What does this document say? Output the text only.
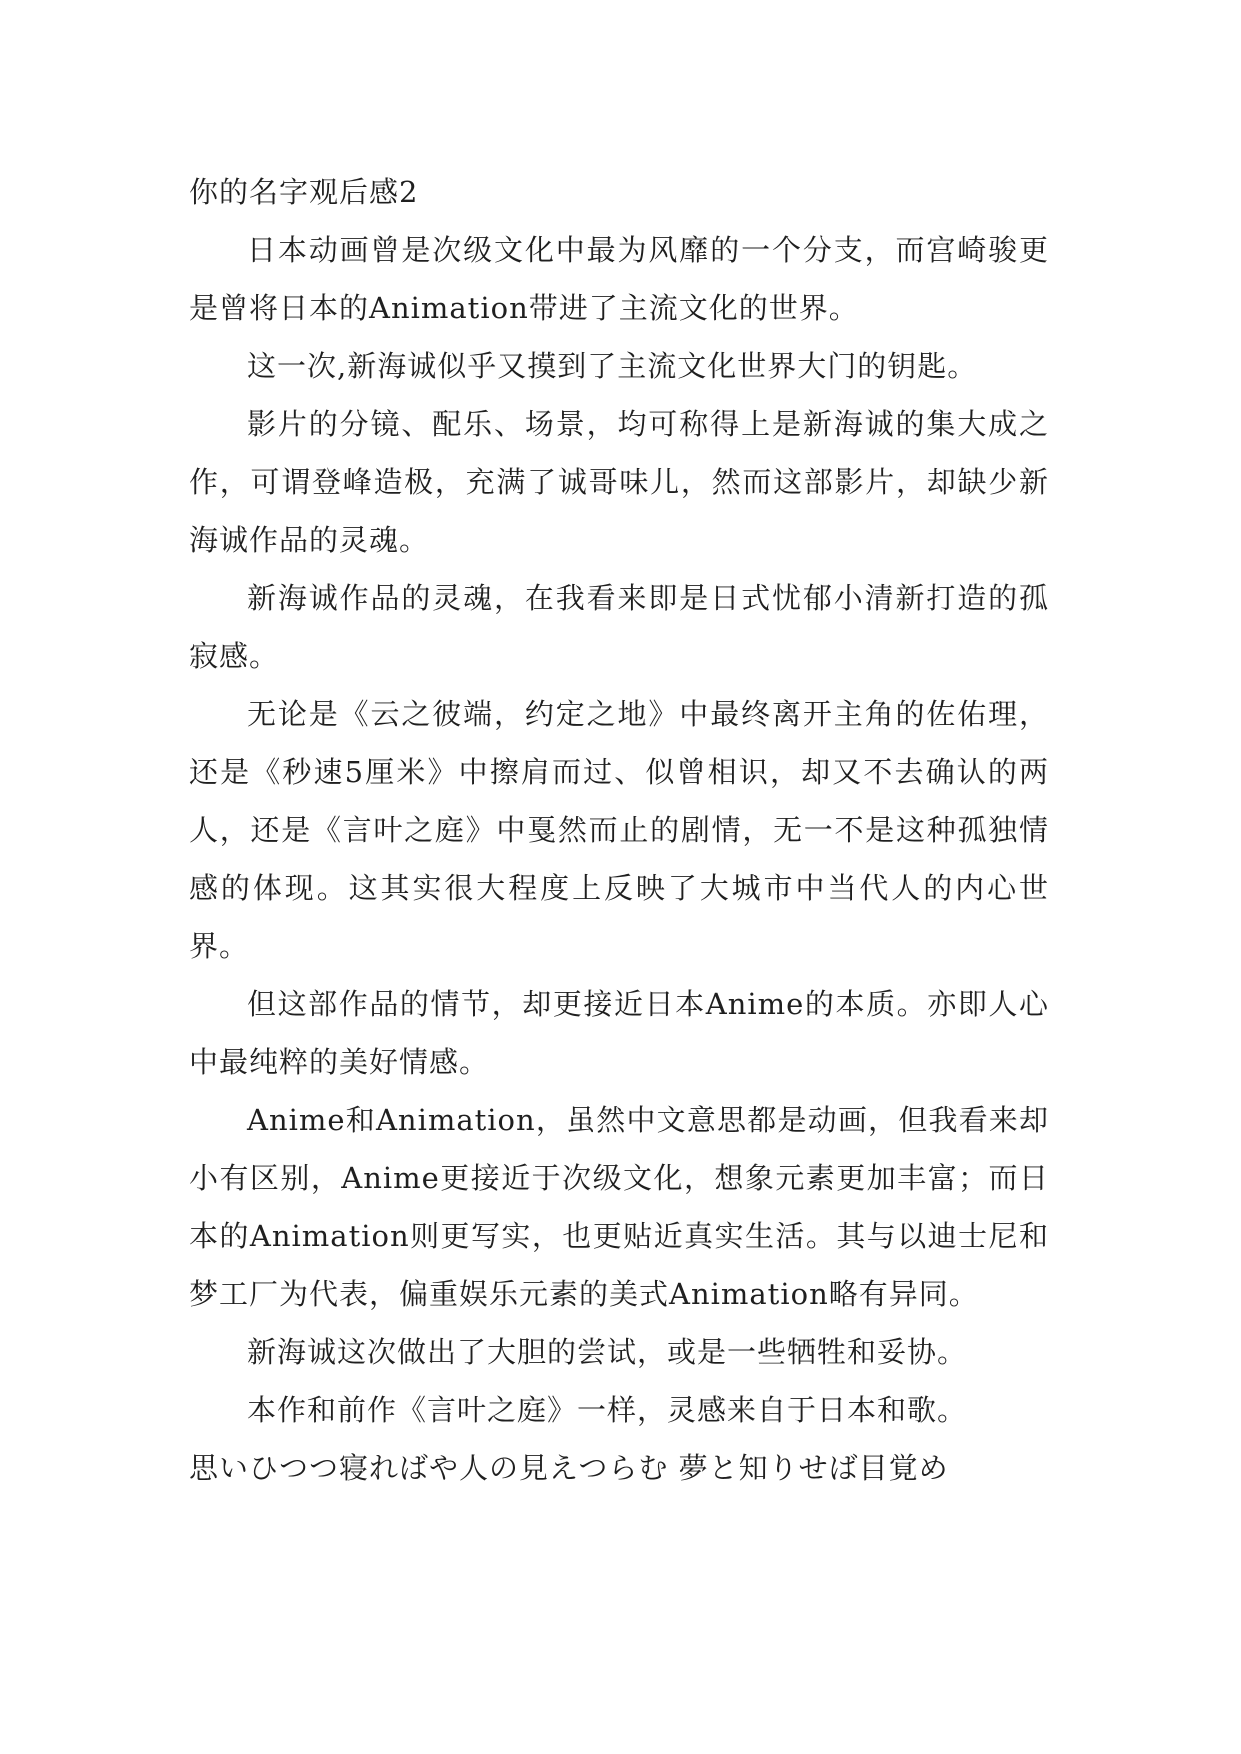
你的名字观后感2

日本动画曾是次级文化中最为风靡的一个分支，而宫崎骏更是曾将日本的Animation带进了主流文化的世界。

这一次,新海诚似乎又摸到了主流文化世界大门的钥匙。

影片的分镜、配乐、场景，均可称得上是新海诚的集大成之作，可谓登峰造极，充满了诚哥味儿，然而这部影片，却缺少新海诚作品的灵魂。

新海诚作品的灵魂，在我看来即是日式忧郁小清新打造的孤寂感。

无论是《云之彼端，约定之地》中最终离开主角的佐佑理，还是《秒速5厘米》中擦肩而过、似曾相识，却又不去确认的两人，还是《言叶之庭》中戛然而止的剧情，无一不是这种孤独情感的体现。这其实很大程度上反映了大城市中当代人的内心世界。

但这部作品的情节，却更接近日本Anime的本质。亦即人心中最纯粹的美好情感。

Anime和Animation，虽然中文意思都是动画，但我看来却小有区别，Anime更接近于次级文化，想象元素更加丰富；而日本的Animation则更写实，也更贴近真实生活。其与以迪士尼和梦工厂为代表，偏重娱乐元素的美式Animation略有异同。

新海诚这次做出了大胆的尝试，或是一些牺牲和妥协。

本作和前作《言叶之庭》一样，灵感来自于日本和歌。

思いひつつ寝ればや人の見えつらむ 夢と知りせば目覚め
